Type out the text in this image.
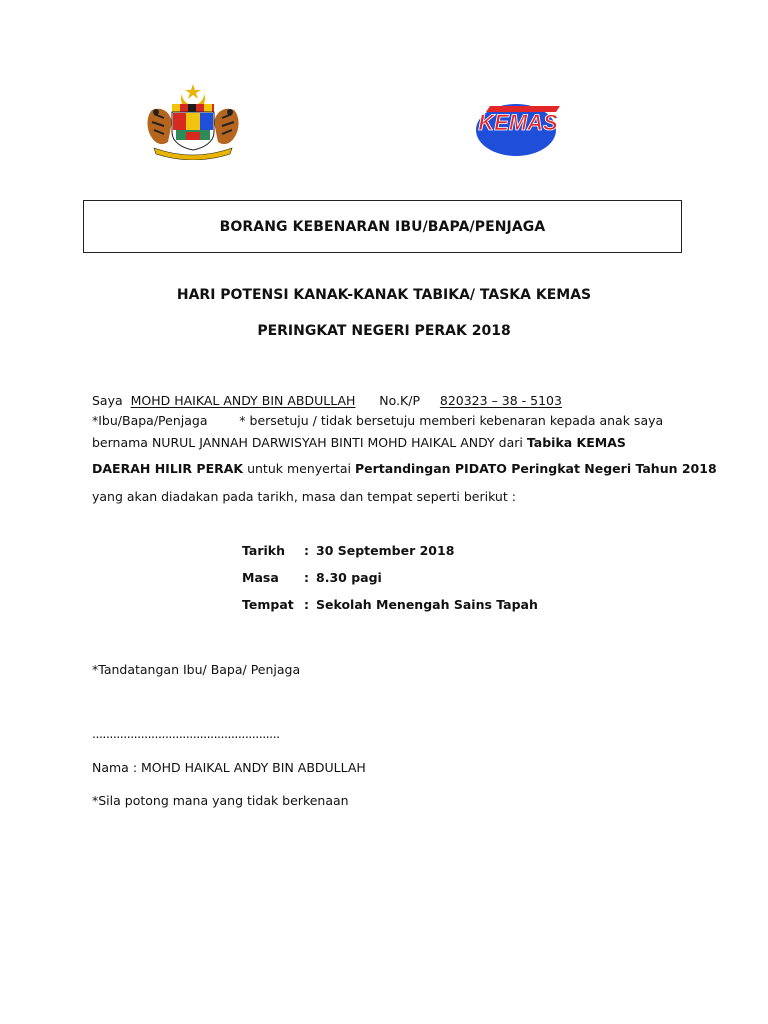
KEMAS
BORANG KEBENARAN IBU/BAPA/PENJAGA
HARI POTENSI KANAK-KANAK TABIKA/ TASKA KEMAS
PERINGKAT NEGERI PERAK 2018
Saya MOHD HAIKAL ANDY BIN ABDULLAH No.K/P 820323 – 38 - 5103
*Ibu/Bapa/Penjaga	* bersetuju / tidak bersetuju memberi kebenaran kepada anak saya
bernama NURUL JANNAH DARWISYAH BINTI MOHD HAIKAL ANDY dari Tabika KEMAS
DAERAH HILIR PERAK untuk menyertai Pertandingan PIDATO Peringkat Negeri Tahun 2018
yang akan diadakan pada tarikh, masa dan tempat seperti berikut :
Tarikh : 30 September 2018
Masa : 8.30 pagi
Tempat : Sekolah Menengah Sains Tapah
*Tandatangan Ibu/ Bapa/ Penjaga
......................................................
Nama : MOHD HAIKAL ANDY BIN ABDULLAH
*Sila potong mana yang tidak berkenaan
